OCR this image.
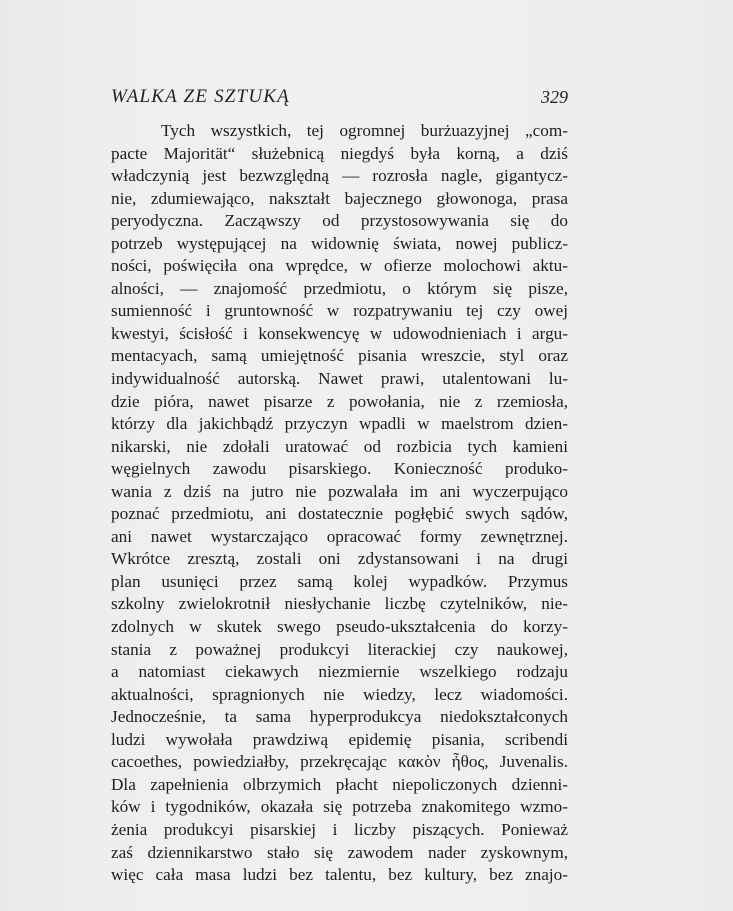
WALKA ZE SZTUKĄ	329
Tych wszystkich, tej ogromnej burżuazyjnej „com-
pacte Majorität“ służebnicą niegdyś była korną, a dziś
władczynią jest bezwzględną — rozrosła nagle, gigantycz-
nie, zdumiewająco, nakształt bajecznego głowonoga, prasa
peryodyczna. Zacząwszy od przystosowywania się do
potrzeb występującej na widownię świata, nowej publicz-
ności, poświęciła ona wprędce, w ofierze molochowi aktu-
alności, — znajomość przedmiotu, o którym się pisze,
sumienność i gruntowność w rozpatrywaniu tej czy owej
kwestyi, ścisłość i konsekwencyę w udowodnieniach i argu-
mentacyach, samą umiejętność pisania wreszcie, styl oraz
indywidualność autorską. Nawet prawi, utalentowani lu-
dzie pióra, nawet pisarze z powołania, nie z rzemiosła,
którzy dla jakichbądź przyczyn wpadli w maelstrom dzien-
nikarski, nie zdołali uratować od rozbicia tych kamieni
węgielnych zawodu pisarskiego. Konieczność produko-
wania z dziś na jutro nie pozwalała im ani wyczerpująco
poznać przedmiotu, ani dostatecznie pogłębić swych sądów,
ani nawet wystarczająco opracować formy zewnętrznej.
Wkrótce zresztą, zostali oni zdystansowani i na drugi
plan usunięci przez samą kolej wypadków. Przymus
szkolny zwielokrotnił niesłychanie liczbę czytelników, nie-
zdolnych w skutek swego pseudo-ukształcenia do korzy-
stania z poważnej produkcyi literackiej czy naukowej,
a natomiast ciekawych niezmiernie wszelkiego rodzaju
aktualności, spragnionych nie wiedzy, lecz wiadomości.
Jednocześnie, ta sama hyperprodukcya niedokształconych
ludzi wywołała prawdziwą epidemię pisania, scribendi
cacoethes, powiedziałby, przekręcając κακὸν ἦθος, Juvenalis.
Dla zapełnienia olbrzymich płacht niepoliczonych dzienni-
ków i tygodników, okazała się potrzeba znakomitego wzmo-
żenia produkcyi pisarskiej i liczby piszących. Ponieważ
zaś dziennikarstwo stało się zawodem nader zyskownym,
więc cała masa ludzi bez talentu, bez kultury, bez znajo-
